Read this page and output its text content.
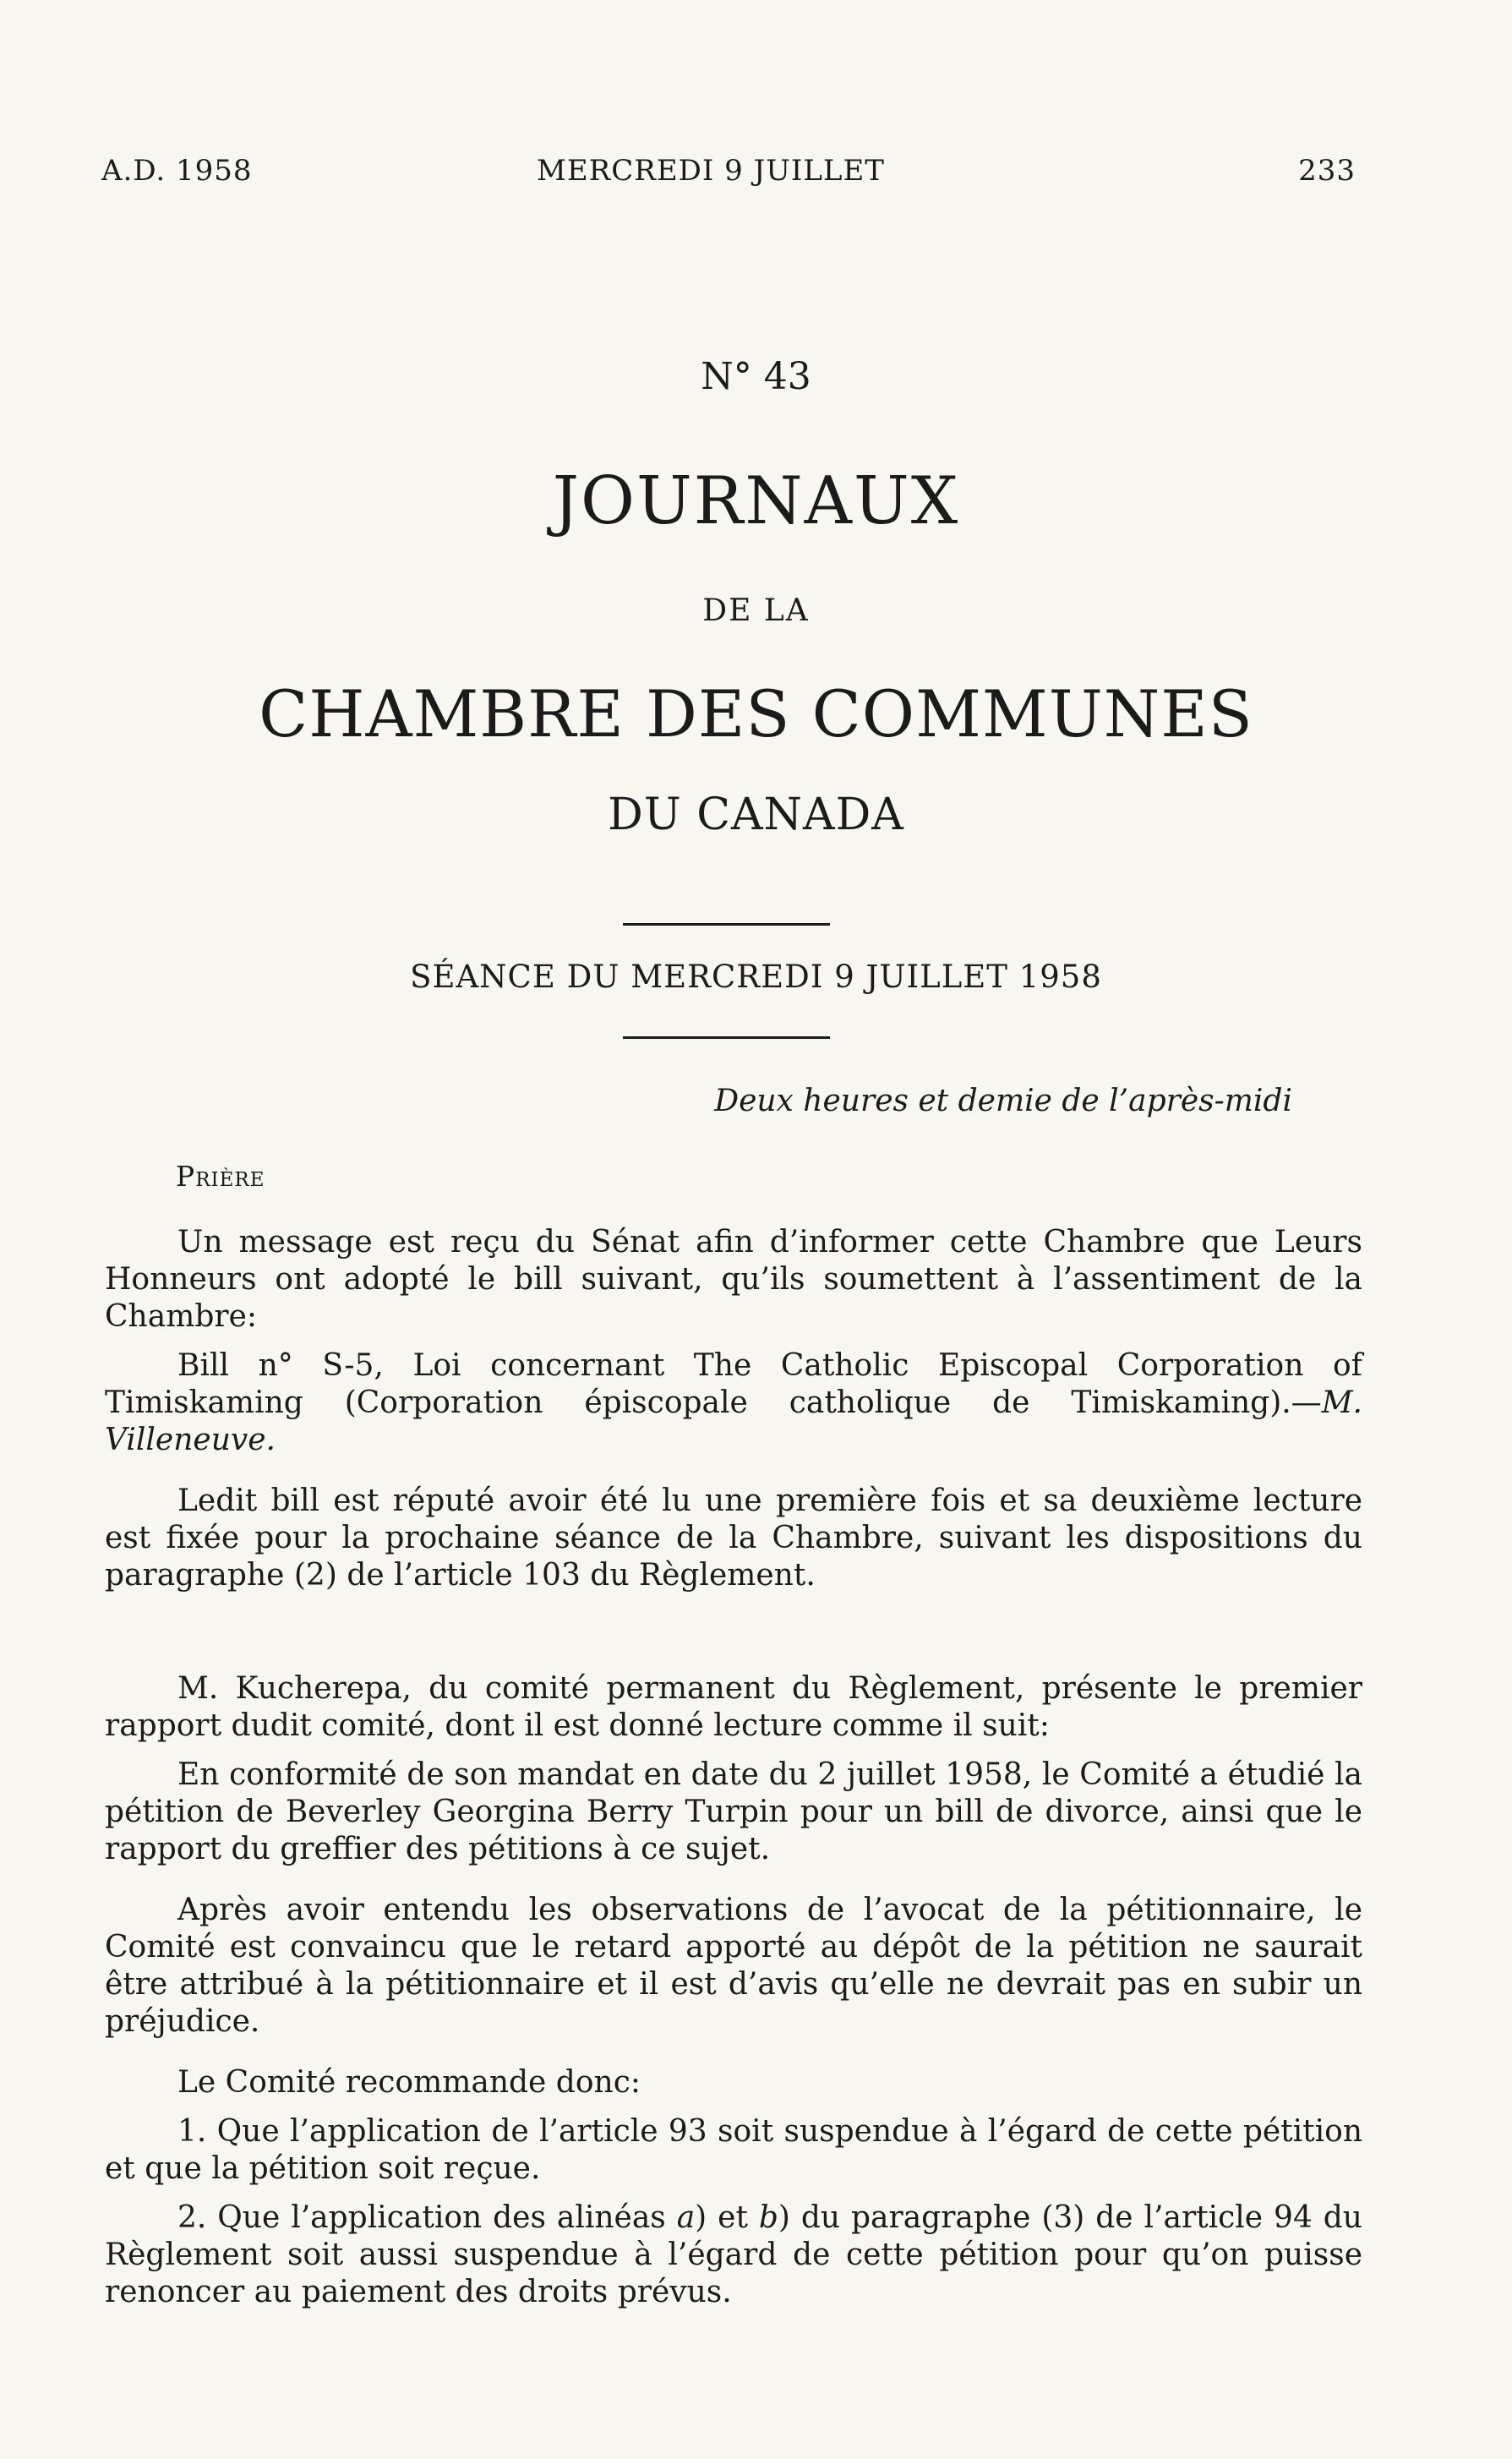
A.D. 1958	MERCREDI 9 JUILLET	233
N° 43
JOURNAUX
DE LA
CHAMBRE DES COMMUNES
DU CANADA
SÉANCE DU MERCREDI 9 JUILLET 1958
Deux heures et demie de l’après-midi
Prière

Un message est reçu du Sénat afin d’informer cette Chambre que Leurs Honneurs ont adopté le bill suivant, qu’ils soumettent à l’assentiment de la Chambre:

Bill n° S-5, Loi concernant The Catholic Episcopal Corporation of Timiskaming (Corporation épiscopale catholique de Timiskaming).—M. Villeneuve.

Ledit bill est réputé avoir été lu une première fois et sa deuxième lecture est fixée pour la prochaine séance de la Chambre, suivant les dispositions du paragraphe (2) de l’article 103 du Règlement.

M. Kucherepa, du comité permanent du Règlement, présente le premier rapport dudit comité, dont il est donné lecture comme il suit:

En conformité de son mandat en date du 2 juillet 1958, le Comité a étudié la pétition de Beverley Georgina Berry Turpin pour un bill de divorce, ainsi que le rapport du greffier des pétitions à ce sujet.

Après avoir entendu les observations de l’avocat de la pétitionnaire, le Comité est convaincu que le retard apporté au dépôt de la pétition ne saurait être attribué à la pétitionnaire et il est d’avis qu’elle ne devrait pas en subir un préjudice.

Le Comité recommande donc:

1. Que l’application de l’article 93 soit suspendue à l’égard de cette pétition et que la pétition soit reçue.

2. Que l’application des alinéas a) et b) du paragraphe (3) de l’article 94 du Règlement soit aussi suspendue à l’égard de cette pétition pour qu’on puisse renoncer au paiement des droits prévus.
